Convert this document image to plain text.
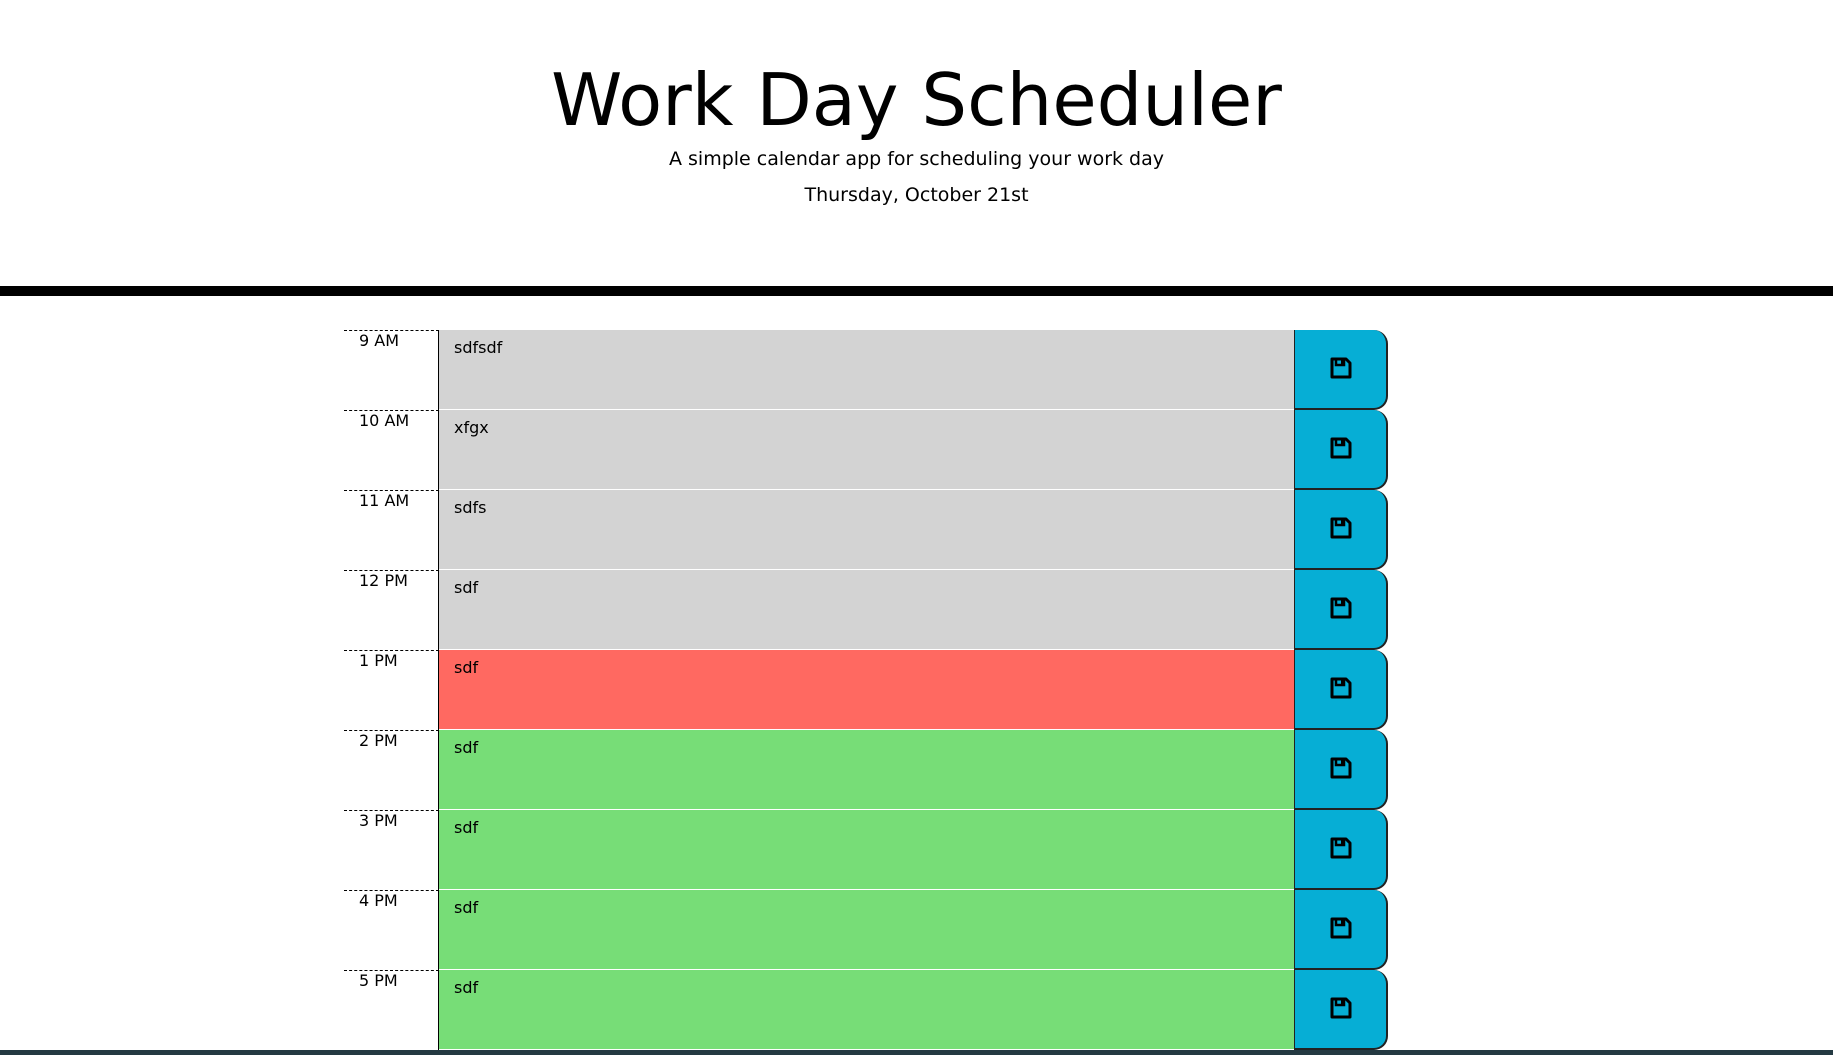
Work Day Scheduler

A simple calendar app for scheduling your work day

Thursday, October 21st

9 AM
sdfsdf
10 AM
xfgx
11 AM
sdfs
12 PM
sdf
1 PM
sdf
2 PM
sdf
3 PM
sdf
4 PM
sdf
5 PM
sdf
